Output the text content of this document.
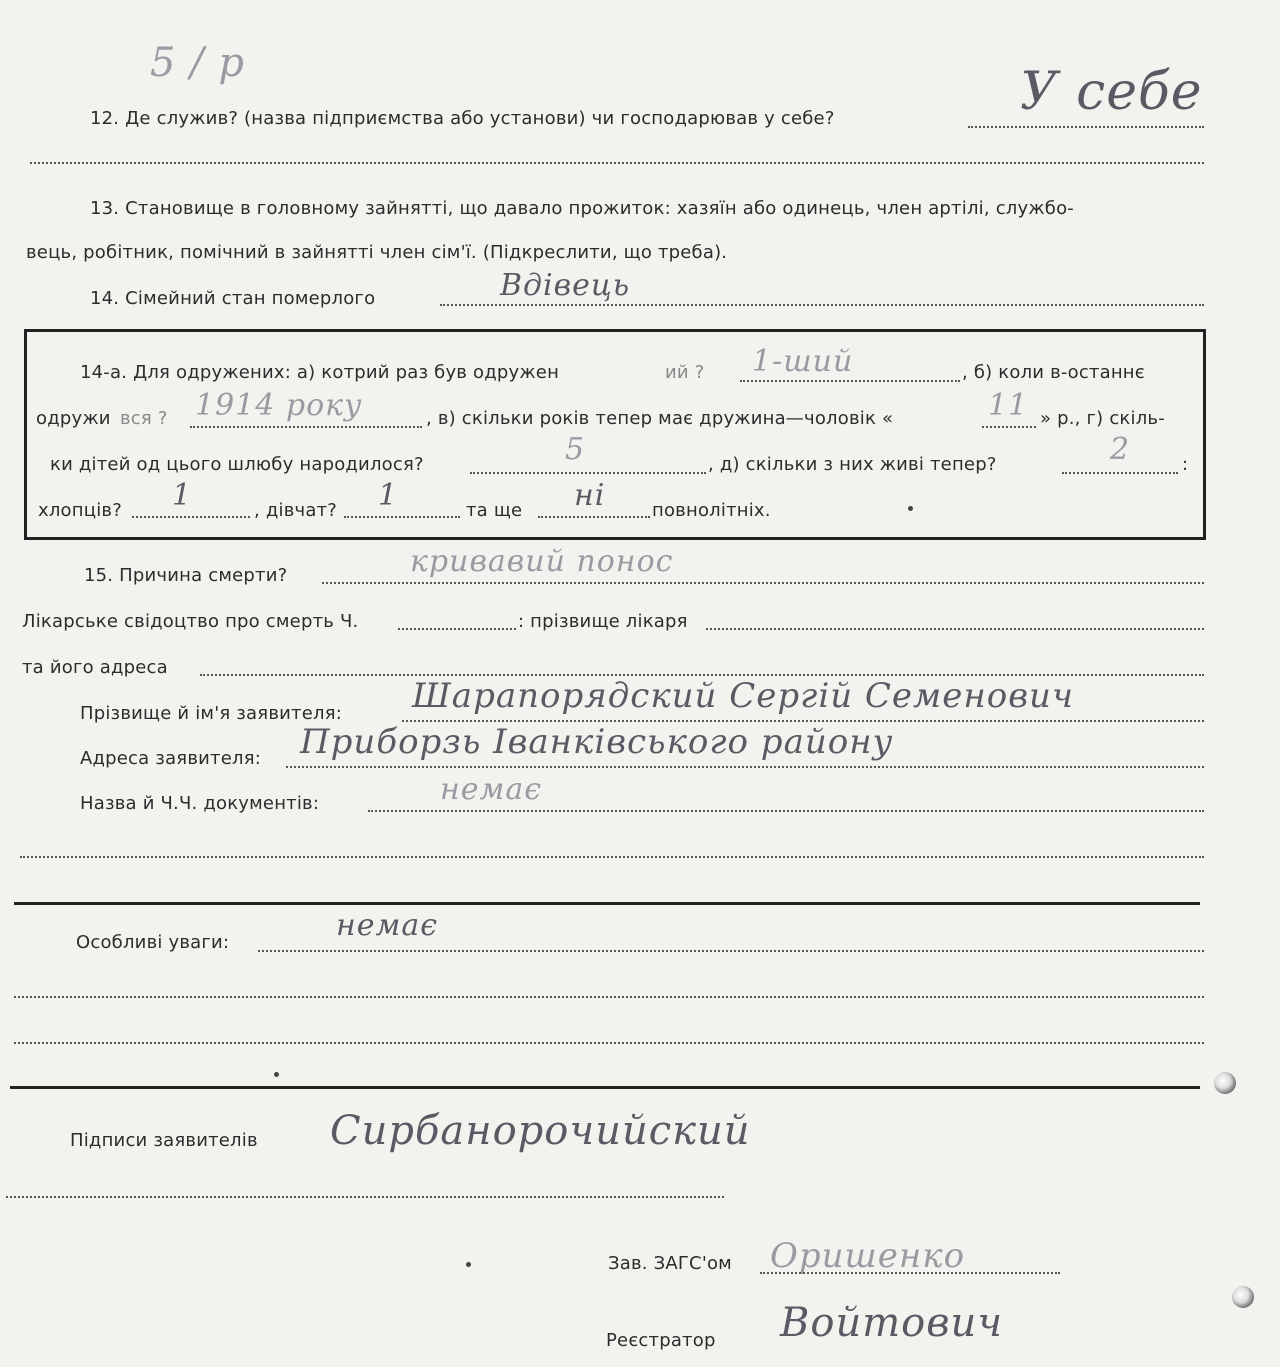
5 / р
12. Де служив? (назва підприємства або установи) чи господарював у себе?	У себе
13. Становище в головному зайнятті, що давало прожиток: хазяїн або одинець, член артілі, службо-
вець, робітник, помічний в зайнятті член сім'ї. (Підкреслити, що треба).
14. Сімейний стан померлого	Вдівець
14-а. Для одружених: а) котрий раз був одружен	ий ? 1-ший	, б) коли в-останнє
одружи вся ? 1914 року	, в) скільки років тепер має дружина—чоловік «	11 » р., г) скіль-
ки дітей од цього шлюбу народилося?	5	, д) скільки з них живі тепер?	2	:
хлопців? 1	, дівчат? 1	та ще ні	повнолітніх.
15. Причина смерти?	кривавий понос
Лікарське свідоцтво про смерть Ч.	: прізвище лікаря
та його адреса
Прізвище й ім'я заявителя: Шарапорядский Сергій Семенович
Адреса заявителя: Приборзь Іванківського району
Назва й Ч.Ч. документів:	немає
Особливі уваги:	немає
Підписи заявителів Сирбанорочийский
Зав. ЗАГС'ом Оришенко
Реєстратор Войтович
